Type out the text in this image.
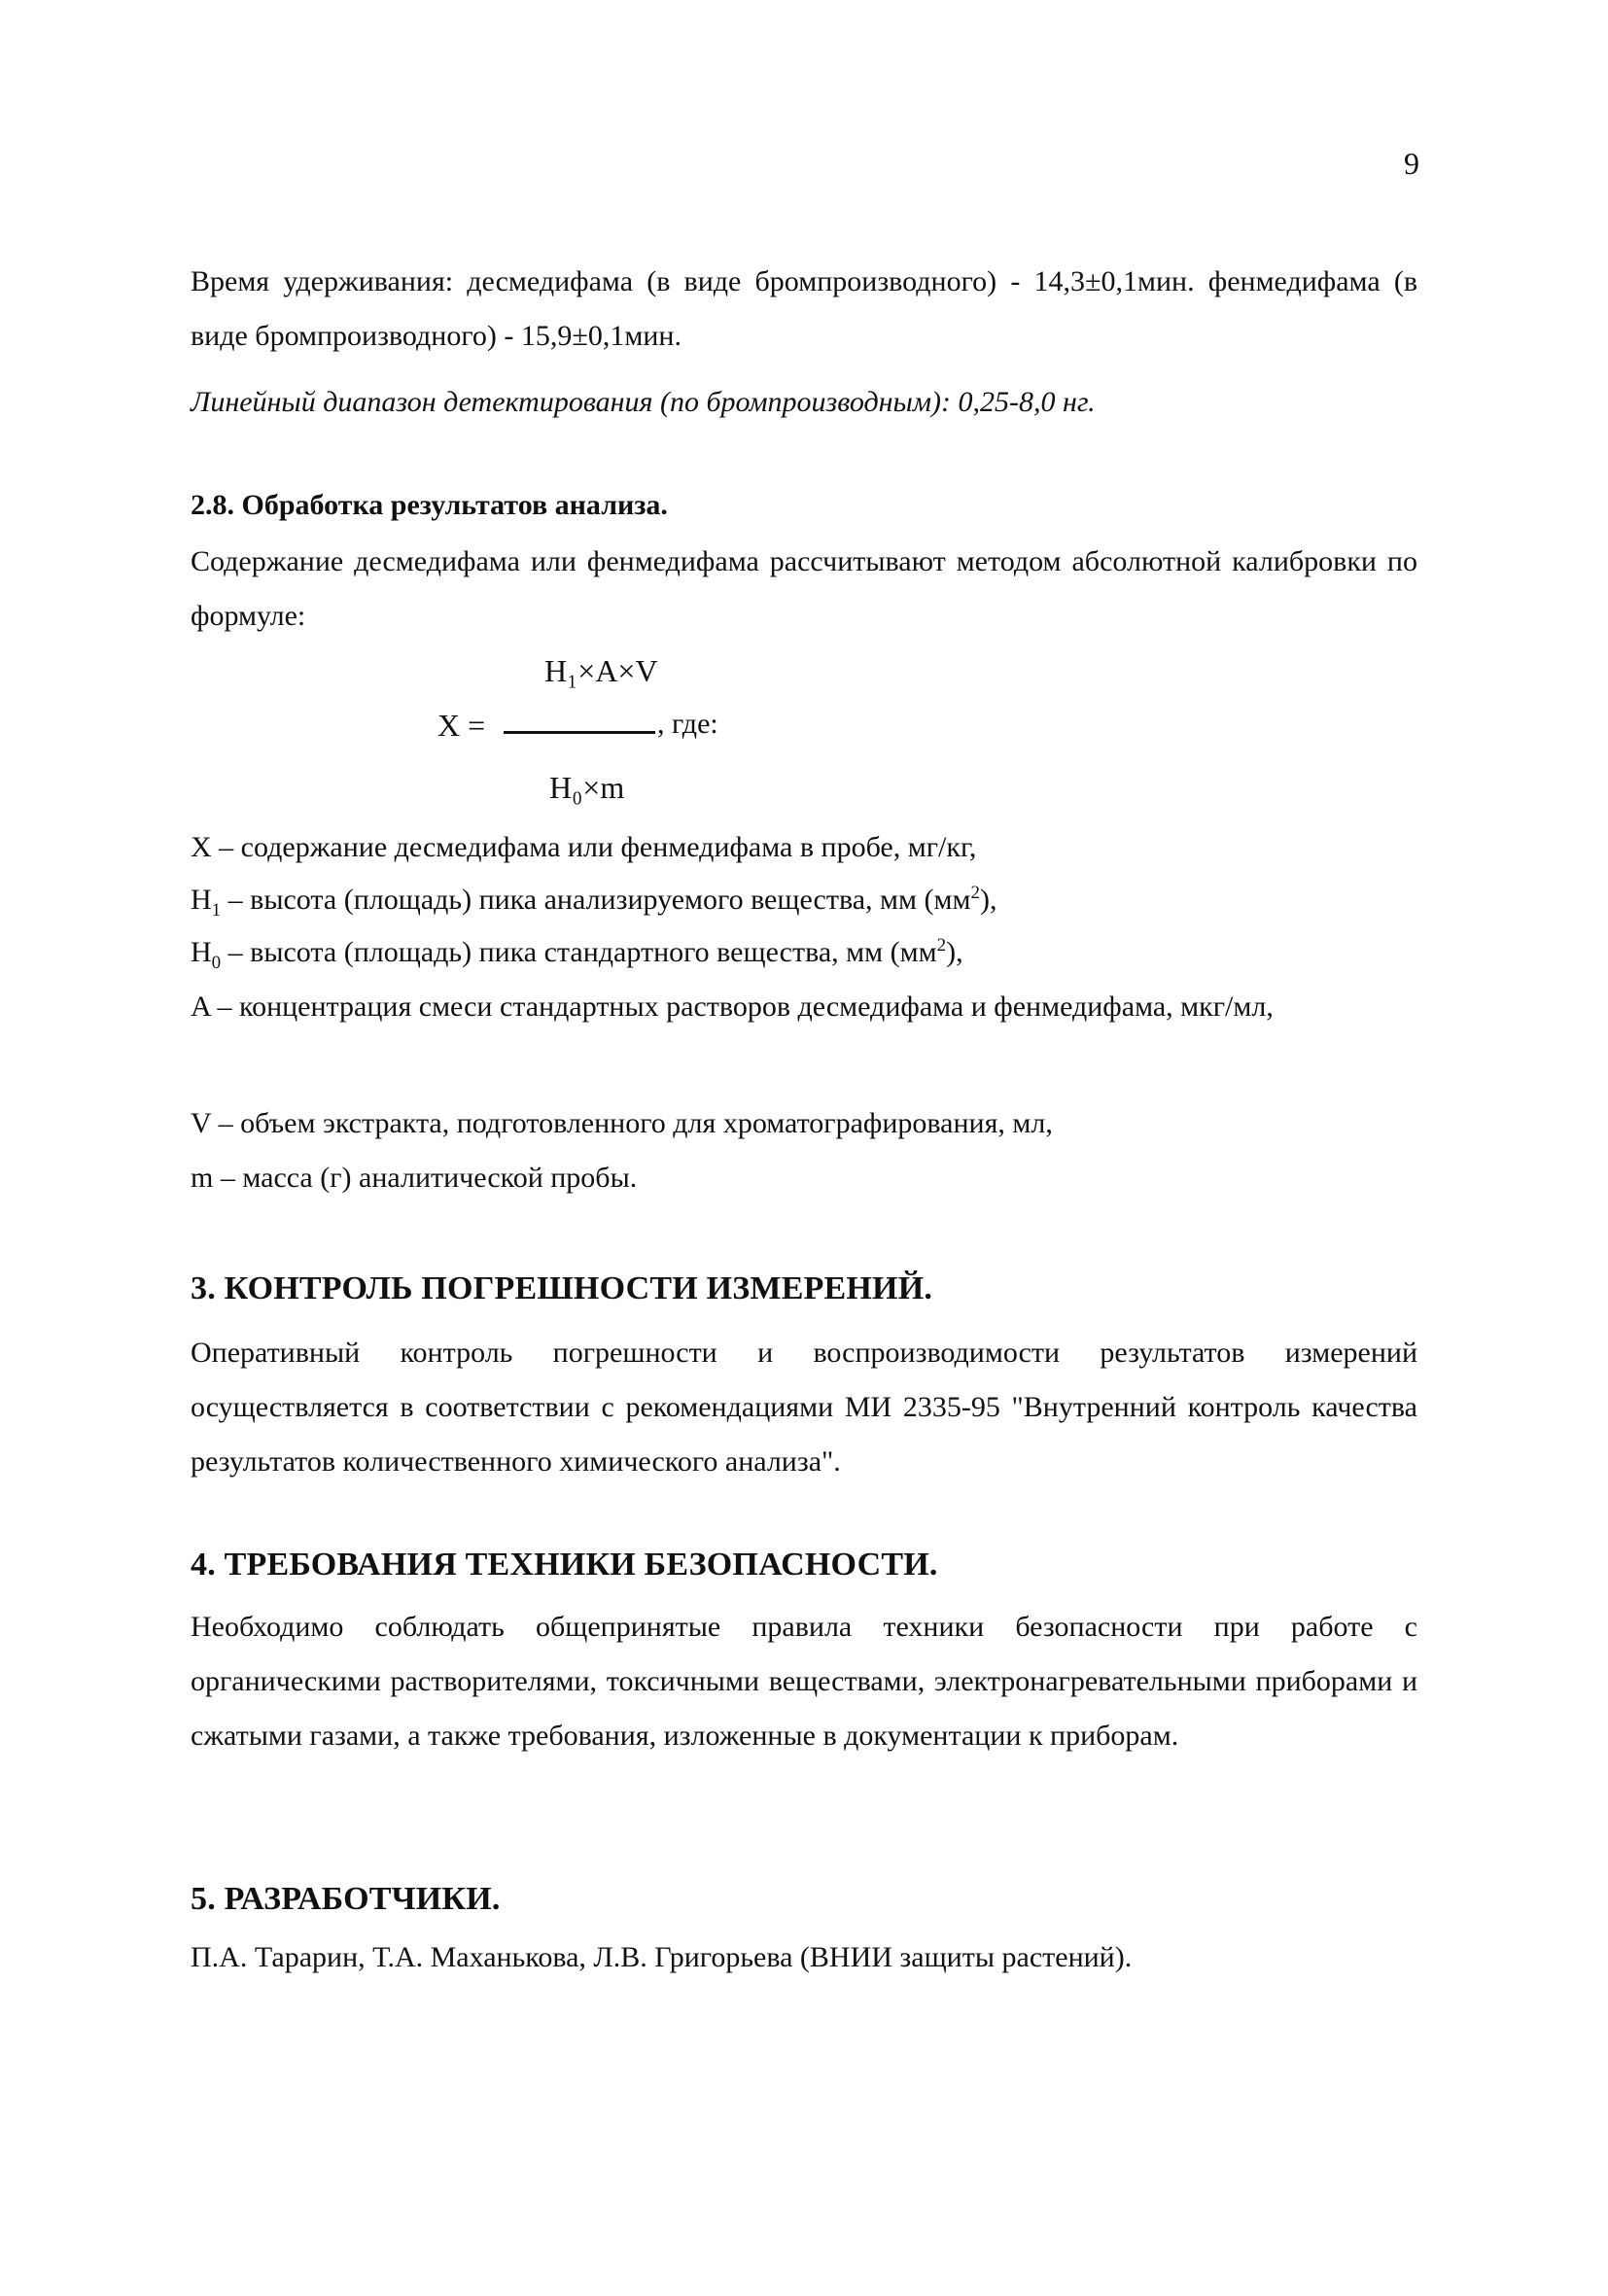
9
Время удерживания: десмедифама (в виде бромпроизводного) - 14,3±0,1мин. фенмедифама (в виде бромпроизводного) - 15,9±0,1мин.
Линейный диапазон детектирования (по бромпроизводным): 0,25-8,0 нг.
2.8. Обработка результатов анализа.
Содержание десмедифама или фенмедифама рассчитывают методом абсолютной калибровки по формуле:
H₁×A×V
X =	, где:
H₀×m
X – содержание десмедифама или фенмедифама в пробе, мг/кг,
$H_1$ – высота (площадь) пика анализируемого вещества, мм $(мм^2)$,
$H_0$ – высота (площадь) пика стандартного вещества, мм $(мм^2)$,
A – концентрация смеси стандартных растворов десмедифама и фенмедифама, мкг/мл,
V – объем экстракта, подготовленного для хроматографирования, мл,
m – масса (г) аналитической пробы.
3. КОНТРОЛЬ ПОГРЕШНОСТИ ИЗМЕРЕНИЙ.
Оперативный контроль погрешности и воспроизводимости результатов измерений осуществляется в соответствии с рекомендациями МИ 2335-95 "Внутренний контроль качества результатов количественного химического анализа".
4. ТРЕБОВАНИЯ ТЕХНИКИ БЕЗОПАСНОСТИ.
Необходимо соблюдать общепринятые правила техники безопасности при работе с органическими растворителями, токсичными веществами, электронагревательными приборами и сжатыми газами, а также требования, изложенные в документации к приборам.
5. РАЗРАБОТЧИКИ.
П.А. Тарарин, Т.А. Маханькова, Л.В. Григорьева (ВНИИ защиты растений).
